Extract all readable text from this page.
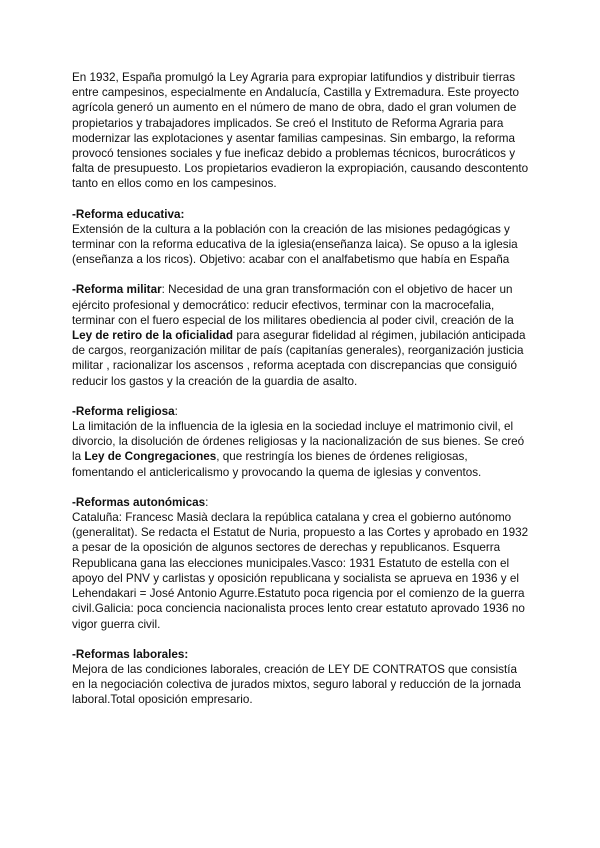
En 1932, España promulgó la Ley Agraria para expropiar latifundios y distribuir tierras entre campesinos, especialmente en Andalucía, Castilla y Extremadura. Este proyecto agrícola generó un aumento en el número de mano de obra, dado el gran volumen de propietarios y trabajadores implicados. Se creó el Instituto de Reforma Agraria para modernizar las explotaciones y asentar familias campesinas. Sin embargo, la reforma provocó tensiones sociales y fue ineficaz debido a problemas técnicos, burocráticos y falta de presupuesto. Los propietarios evadieron la expropiación, causando descontento tanto en ellos como en los campesinos.

-Reforma educativa:

Extensión de la cultura a la población con la creación de las misiones pedagógicas y terminar con la reforma educativa de la iglesia(enseñanza laica). Se opuso a la iglesia (enseñanza a los ricos). Objetivo: acabar con el analfabetismo que había en España

-Reforma militar: Necesidad de una gran transformación con el objetivo de hacer un ejército profesional y democrático: reducir efectivos, terminar con la macrocefalia, terminar con el fuero especial de los militares obediencia al poder civil, creación de la Ley de retiro de la oficialidad para asegurar fidelidad al régimen, jubilación anticipada de cargos, reorganización militar de país (capitanías generales), reorganización justicia militar , racionalizar los ascensos , reforma aceptada con discrepancias que consiguió reducir los gastos y la creación de la guardia de asalto.

-Reforma religiosa:

La limitación de la influencia de la iglesia en la sociedad incluye el matrimonio civil, el divorcio, la disolución de órdenes religiosas y la nacionalización de sus bienes. Se creó la Ley de Congregaciones, que restringía los bienes de órdenes religiosas, fomentando el anticlericalismo y provocando la quema de iglesias y conventos.

-Reformas autonómicas:

Cataluña: Francesc Masià declara la república catalana y crea el gobierno autónomo (generalitat). Se redacta el Estatut de Nuria, propuesto a las Cortes y aprobado en 1932 a pesar de la oposición de algunos sectores de derechas y republicanos. Esquerra Republicana gana las elecciones municipales.Vasco: 1931 Estatuto de estella con el apoyo del PNV y carlistas y oposición republicana y socialista se aprueva en 1936 y el Lehendakari = José Antonio Agurre.Estatuto poca rigencia por el comienzo de la guerra civil.Galicia: poca conciencia nacionalista proces lento crear estatuto aprovado 1936 no vigor guerra civil.

-Reformas laborales:

Mejora de las condiciones laborales, creación de LEY DE CONTRATOS que consistía en la negociación colectiva de jurados mixtos, seguro laboral y reducción de la jornada laboral.Total oposición empresario.
